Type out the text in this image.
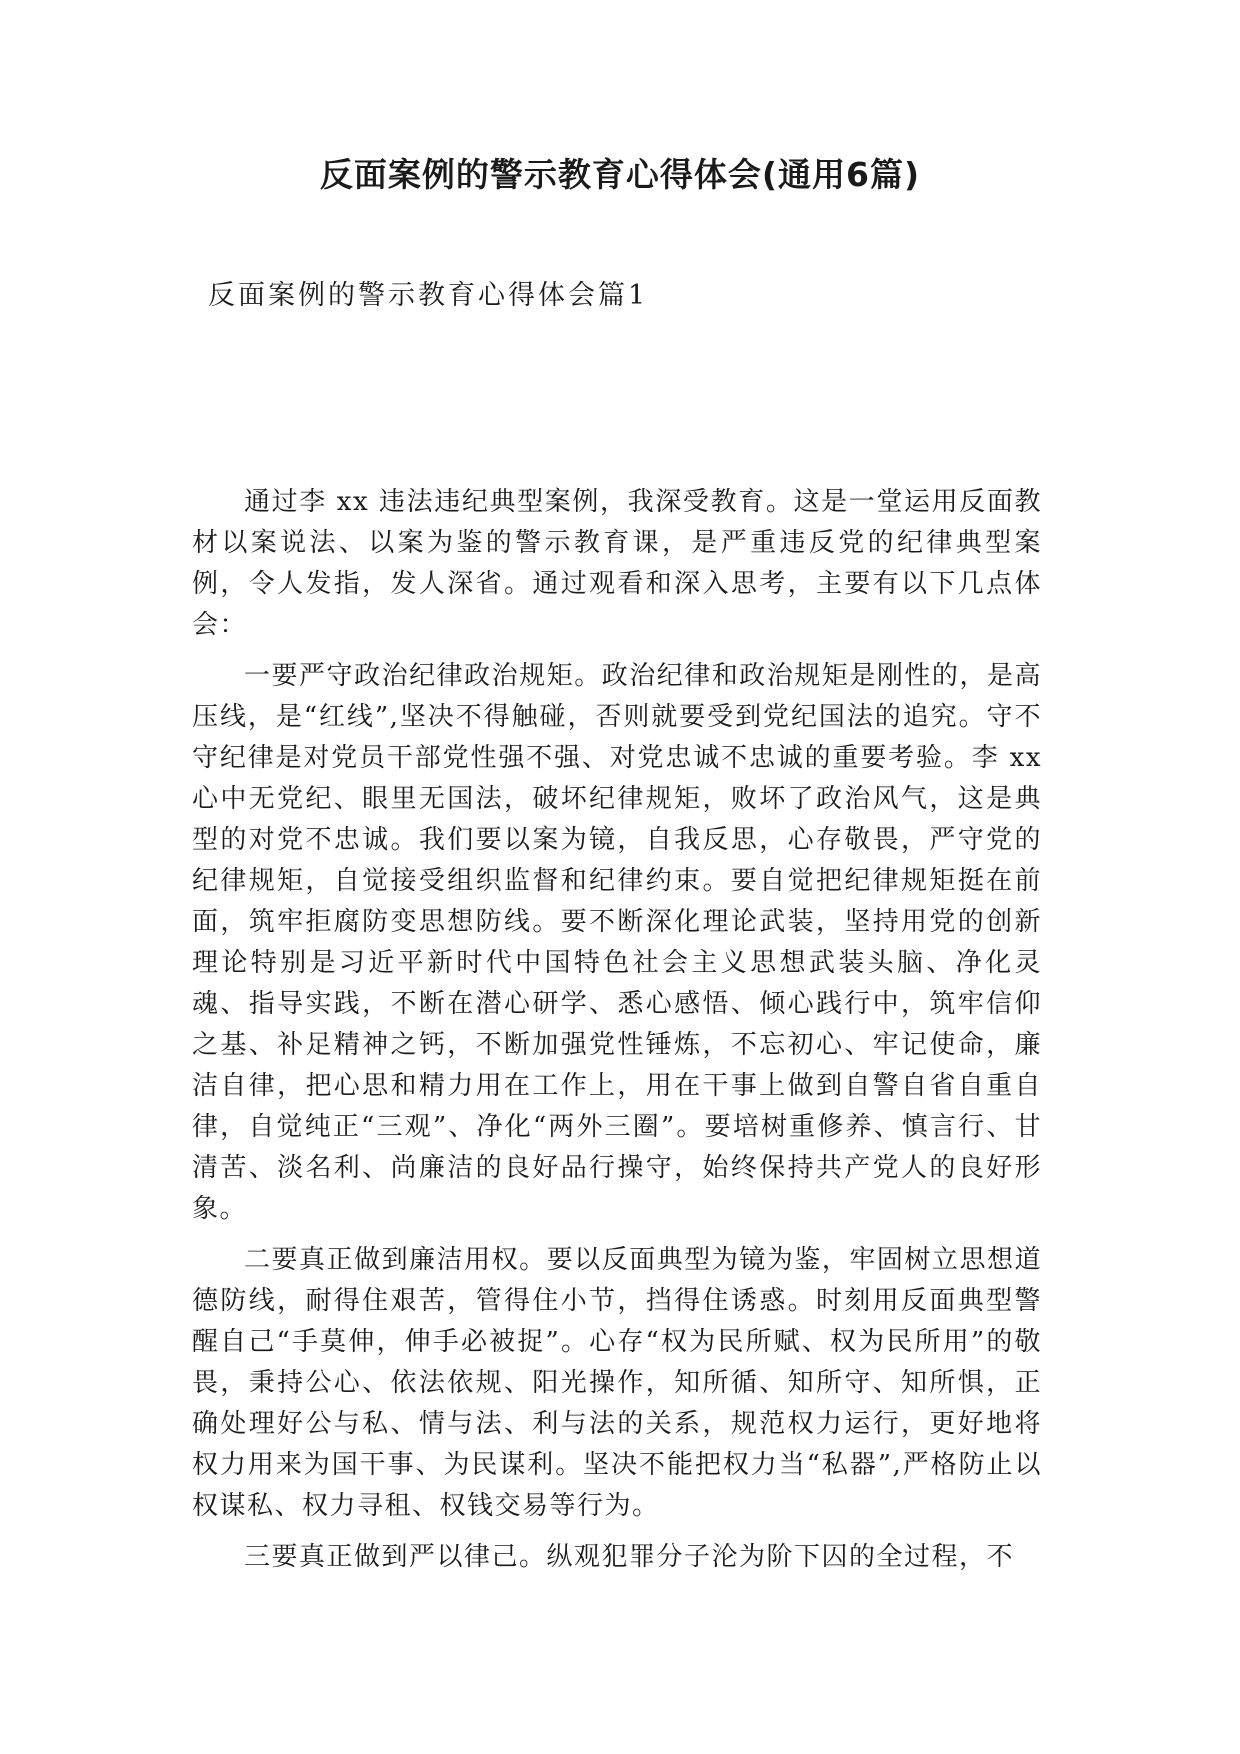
反面案例的警示教育心得体会(通用6篇)
反面案例的警示教育心得体会篇1

通过李 xx 违法违纪典型案例，我深受教育。这是一堂运用反面教材以案说法、以案为鉴的警示教育课，是严重违反党的纪律典型案例，令人发指，发人深省。通过观看和深入思考，主要有以下几点体会：

一要严守政治纪律政治规矩。政治纪律和政治规矩是刚性的，是高压线，是“红线”,坚决不得触碰，否则就要受到党纪国法的追究。守不守纪律是对党员干部党性强不强、对党忠诚不忠诚的重要考验。李 xx 心中无党纪、眼里无国法，破坏纪律规矩，败坏了政治风气，这是典型的对党不忠诚。我们要以案为镜，自我反思，心存敬畏，严守党的纪律规矩，自觉接受组织监督和纪律约束。要自觉把纪律规矩挺在前面，筑牢拒腐防变思想防线。要不断深化理论武装，坚持用党的创新理论特别是习近平新时代中国特色社会主义思想武装头脑、净化灵魂、指导实践，不断在潜心研学、悉心感悟、倾心践行中，筑牢信仰之基、补足精神之钙，不断加强党性锤炼，不忘初心、牢记使命，廉洁自律，把心思和精力用在工作上，用在干事上做到自警自省自重自律，自觉纯正“三观”、净化“两外三圈”。要培树重修养、慎言行、甘清苦、淡名利、尚廉洁的良好品行操守，始终保持共产党人的良好形象。

二要真正做到廉洁用权。要以反面典型为镜为鉴，牢固树立思想道德防线，耐得住艰苦，管得住小节，挡得住诱惑。时刻用反面典型警醒自己“手莫伸，伸手必被捉”。心存“权为民所赋、权为民所用”的敬畏，秉持公心、依法依规、阳光操作，知所循、知所守、知所惧，正确处理好公与私、情与法、利与法的关系，规范权力运行，更好地将权力用来为国干事、为民谋利。坚决不能把权力当“私器”,严格防止以权谋私、权力寻租、权钱交易等行为。

三要真正做到严以律己。纵观犯罪分子沦为阶下囚的全过程，不
